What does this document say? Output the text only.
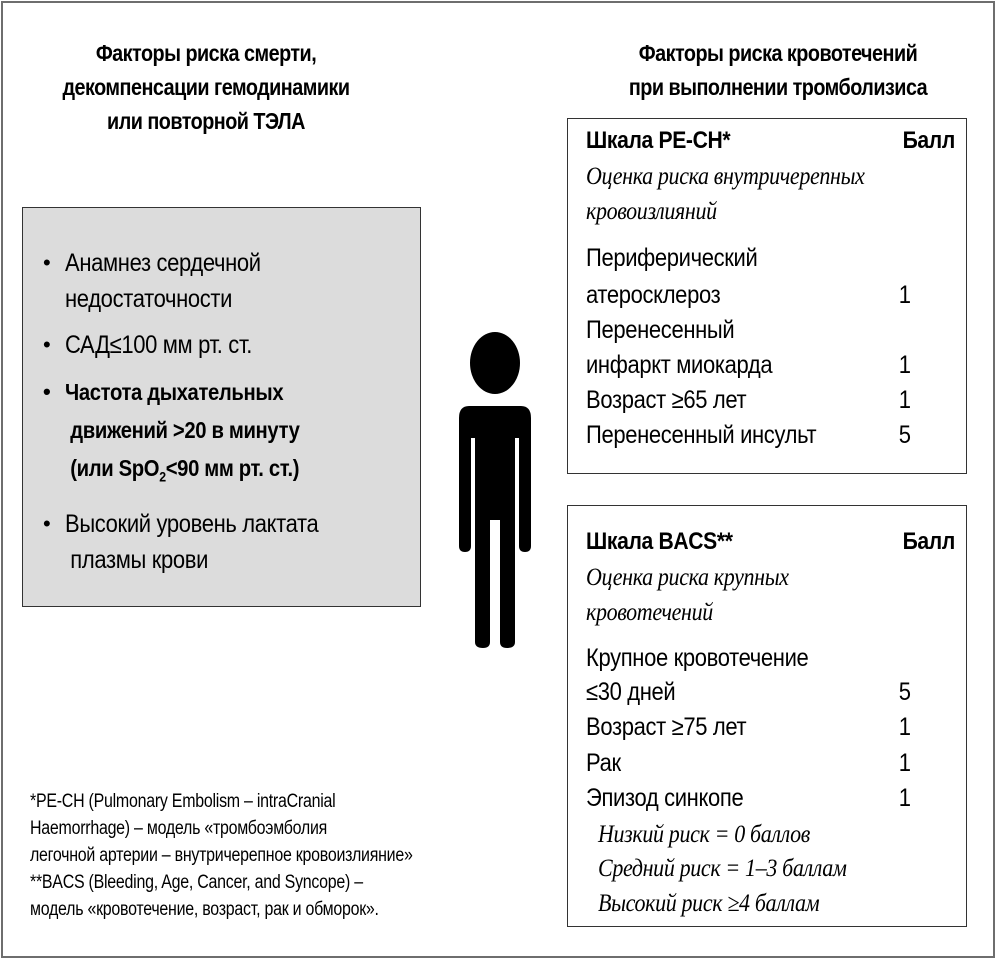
Факторы риска смерти,
декомпенсации гемодинамики
или повторной ТЭЛА
Факторы риска кровотечений
при выполнении тромболизиса
• Анамнез сердечной
недостаточности
• САД≤100 мм рт. ст.
• Частота дыхательных
движений >20 в минуту
(или SpO$_2$<90 мм рт. ст.)
• Высокий уровень лактата
плазмы крови
Шкала PE-CH*	Балл
Оценка риска внутричерепных
кровоизлияний
Периферический
атеросклероз	1
Перенесенный
инфаркт миокарда	1
Возраст ≥65 лет	1
Перенесенный инсульт	5
Шкала BACS**	Балл
Оценка риска крупных
кровотечений
Крупное кровотечение
≤30 дней	5
Возраст ≥75 лет	1
Рак	1
Эпизод синкопе	1
Низкий риск = 0 баллов
Средний риск = 1–3 баллам
Высокий риск ≥4 баллам
*PE-CH (Pulmonary Embolism – intraCranial
Haemorrhage) – модель «тромбоэмболия
легочной артерии – внутричерепное кровоизлияние»
**BACS (Bleeding, Age, Cancer, and Syncope) –
модель «кровотечение, возраст, рак и обморок».
